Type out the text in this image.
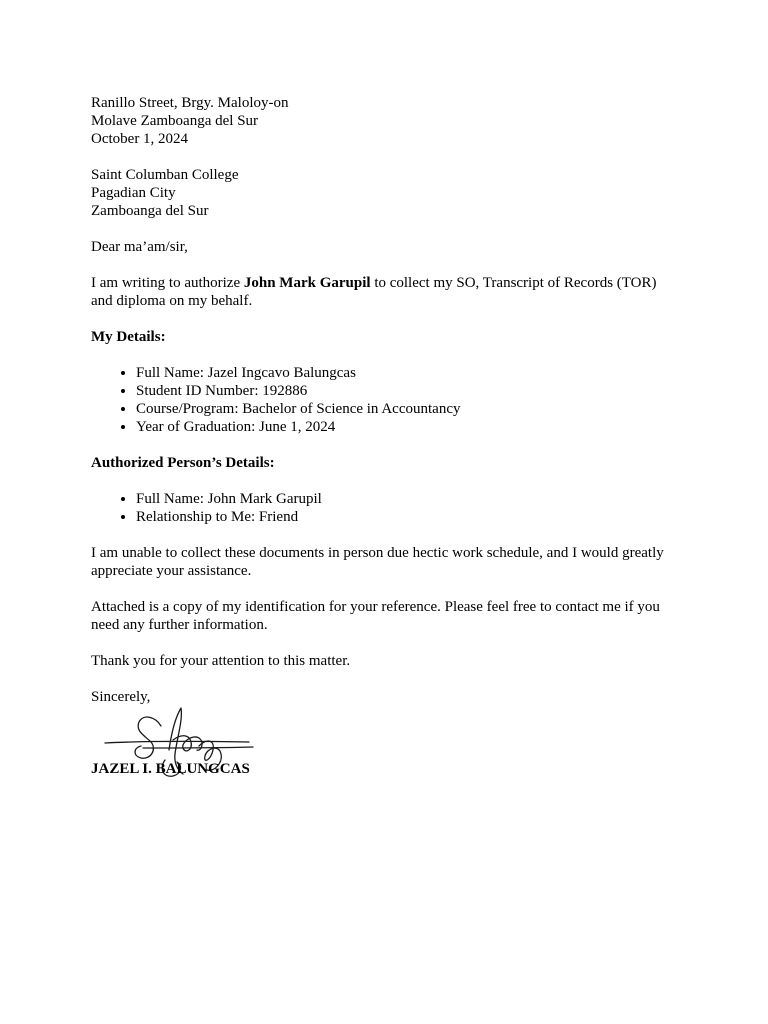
Ranillo Street, Brgy. Maloloy-on
Molave Zamboanga del Sur
October 1, 2024
Saint Columban College
Pagadian City
Zamboanga del Sur

Dear ma’am/sir,

I am writing to authorize John Mark Garupil to collect my SO, Transcript of Records (TOR) and diploma on my behalf.

My Details:
• Full Name: Jazel Ingcavo Balungcas
• Student ID Number: 192886
• Course/Program: Bachelor of Science in Accountancy
• Year of Graduation: June 1, 2024
Authorized Person’s Details:
• Full Name: John Mark Garupil
• Relationship to Me: Friend

I am unable to collect these documents in person due hectic work schedule, and I would greatly appreciate your assistance.

Attached is a copy of my identification for your reference. Please feel free to contact me if you need any further information.

Thank you for your attention to this matter.

Sincerely,
JAZEL I. BALUNGCAS
